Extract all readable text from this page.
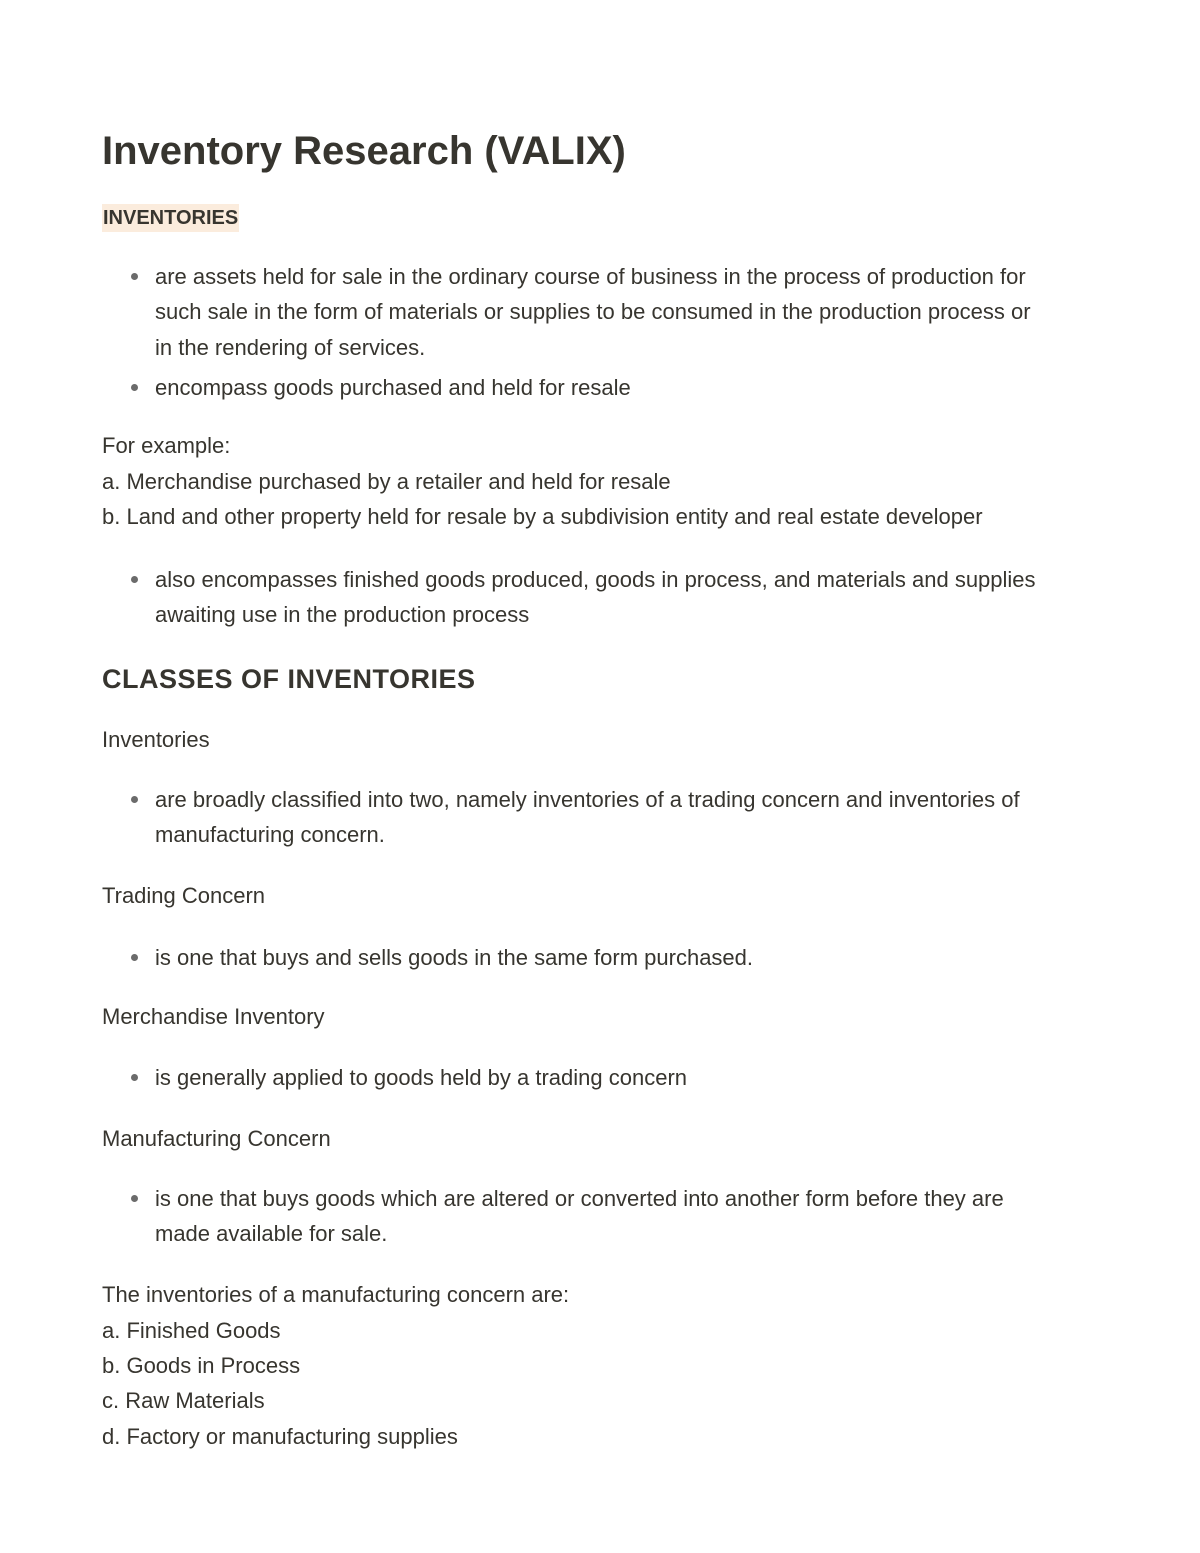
Inventory Research (VALIX)
INVENTORIES
are assets held for sale in the ordinary course of business in the process of production for
such sale in the form of materials or supplies to be consumed in the production process or
in the rendering of services.
encompass goods purchased and held for resale
For example:
a. Merchandise purchased by a retailer and held for resale
b. Land and other property held for resale by a subdivision entity and real estate developer
also encompasses finished goods produced, goods in process, and materials and supplies
awaiting use in the production process
CLASSES OF INVENTORIES
Inventories
are broadly classified into two, namely inventories of a trading concern and inventories of
manufacturing concern.
Trading Concern
is one that buys and sells goods in the same form purchased.
Merchandise Inventory
is generally applied to goods held by a trading concern
Manufacturing Concern
is one that buys goods which are altered or converted into another form before they are
made available for sale.
The inventories of a manufacturing concern are:
a. Finished Goods
b. Goods in Process
c. Raw Materials
d. Factory or manufacturing supplies
